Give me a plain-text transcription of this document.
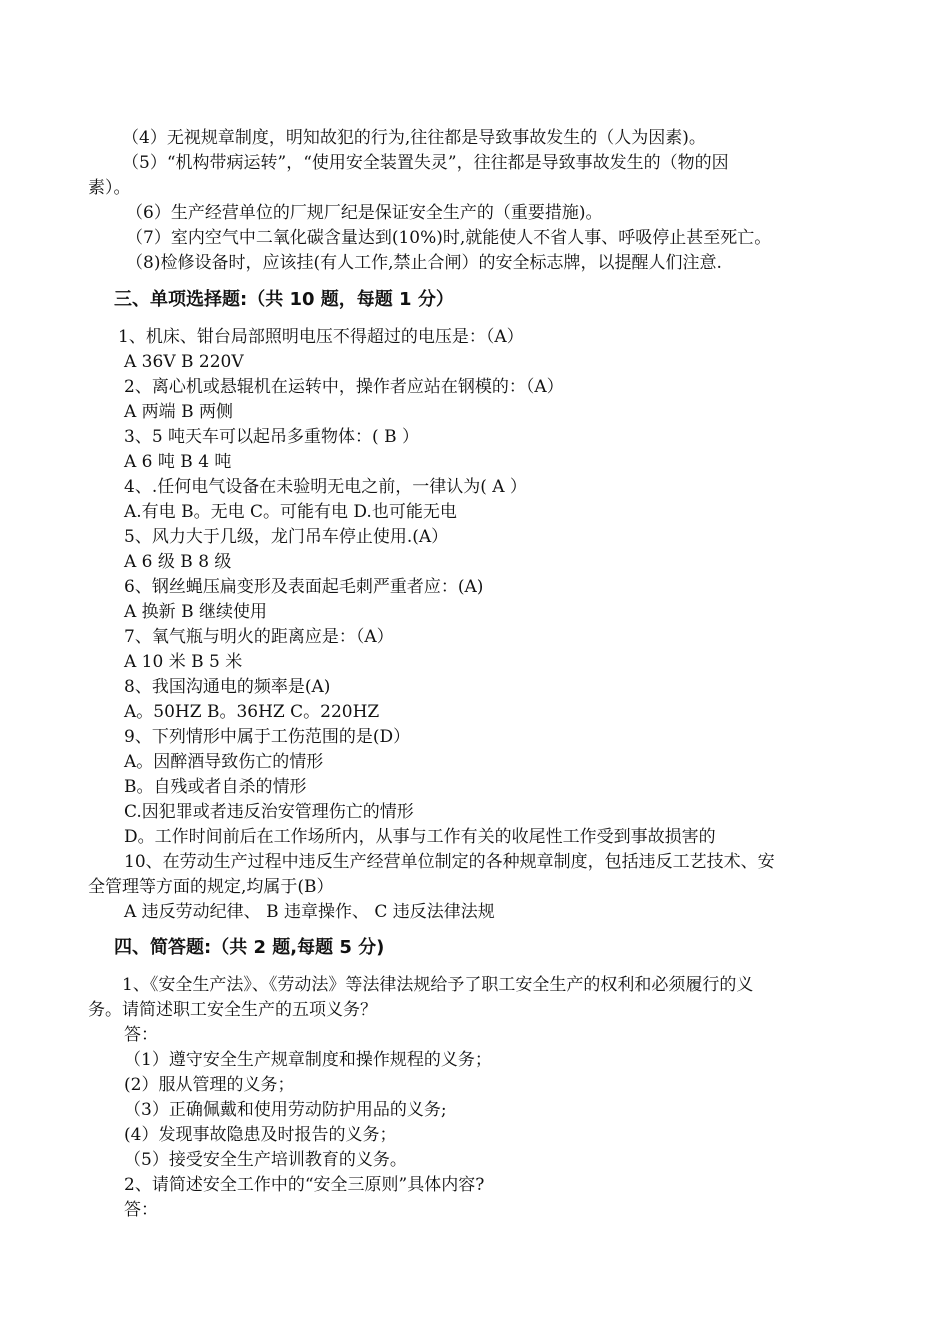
（4）无视规章制度，明知故犯的行为,往往都是导致事故发生的（人为因素)。
（5）“机构带病运转”，“使用安全装置失灵”，往往都是导致事故发生的（物的因
素）。
（6）生产经营单位的厂规厂纪是保证安全生产的（重要措施)。
（7）室内空气中二氧化碳含量达到(10%)时,就能使人不省人事、呼吸停止甚至死亡。
（8)检修设备时，应该挂(有人工作,禁止合闸）的安全标志牌，以提醒人们注意.
三、单项选择题:（共 10 题，每题 1 分）
1、机床、钳台局部照明电压不得超过的电压是：（A）
A 36V B 220V
2、离心机或悬辊机在运转中，操作者应站在钢模的：（A）
A 两端 B 两侧
3、5 吨天车可以起吊多重物体：( B ）
A 6 吨 B 4 吨
4、.任何电气设备在未验明无电之前，一律认为( A ）
A.有电 B。无电 C。可能有电 D.也可能无电
5、风力大于几级，龙门吊车停止使用.(A）
A 6 级 B 8 级
6、钢丝蝇压扁变形及表面起毛刺严重者应：(A)
A 换新 B 继续使用
7、氧气瓶与明火的距离应是：（A）
A 10 米 B 5 米
8、我国沟通电的频率是(A)
A。50HZ B。36HZ C。220HZ
9、下列情形中属于工伤范围的是(D）
A。因醉酒导致伤亡的情形
B。自残或者自杀的情形
C.因犯罪或者违反治安管理伤亡的情形
D。工作时间前后在工作场所内，从事与工作有关的收尾性工作受到事故损害的
10、在劳动生产过程中违反生产经营单位制定的各种规章制度，包括违反工艺技术、安
全管理等方面的规定,均属于(B）
A 违反劳动纪律、 B 违章操作、 C 违反法律法规
四、简答题:（共 2 题,每题 5 分)
1、《安全生产法》、《劳动法》等法律法规给予了职工安全生产的权利和必须履行的义
务。请简述职工安全生产的五项义务？
答：
（1）遵守安全生产规章制度和操作规程的义务；
(2）服从管理的义务；
（3）正确佩戴和使用劳动防护用品的义务;
(4）发现事故隐患及时报告的义务；
（5）接受安全生产培训教育的义务。
2、请简述安全工作中的“安全三原则”具体内容?
答：
